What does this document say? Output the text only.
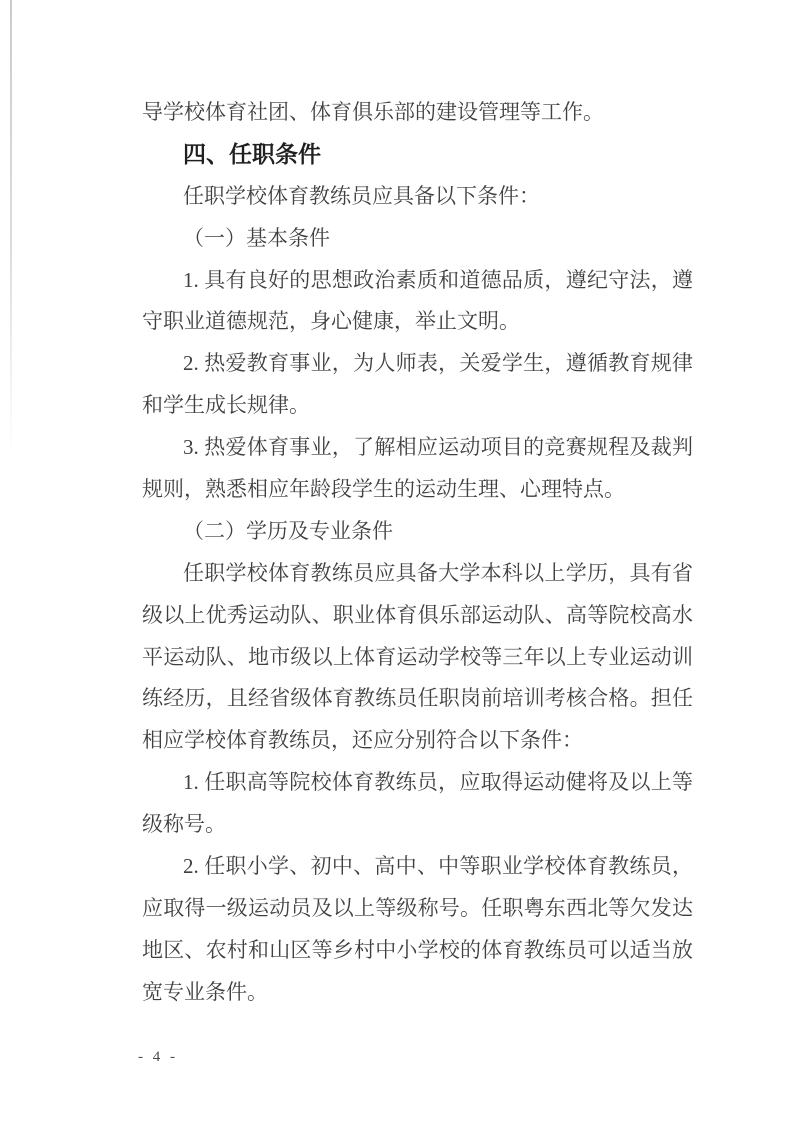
导学校体育社团、体育俱乐部的建设管理等工作。
四、任职条件
任职学校体育教练员应具备以下条件：
（一）基本条件
1. 具有良好的思想政治素质和道德品质，遵纪守法，遵
守职业道德规范，身心健康，举止文明。
2. 热爱教育事业，为人师表，关爱学生，遵循教育规律
和学生成长规律。
3. 热爱体育事业，了解相应运动项目的竞赛规程及裁判
规则，熟悉相应年龄段学生的运动生理、心理特点。
（二）学历及专业条件
任职学校体育教练员应具备大学本科以上学历，具有省
级以上优秀运动队、职业体育俱乐部运动队、高等院校高水
平运动队、地市级以上体育运动学校等三年以上专业运动训
练经历，且经省级体育教练员任职岗前培训考核合格。担任
相应学校体育教练员，还应分别符合以下条件：
1. 任职高等院校体育教练员，应取得运动健将及以上等
级称号。
2. 任职小学、初中、高中、中等职业学校体育教练员，
应取得一级运动员及以上等级称号。任职粤东西北等欠发达
地区、农村和山区等乡村中小学校的体育教练员可以适当放
宽专业条件。
- 4 -
